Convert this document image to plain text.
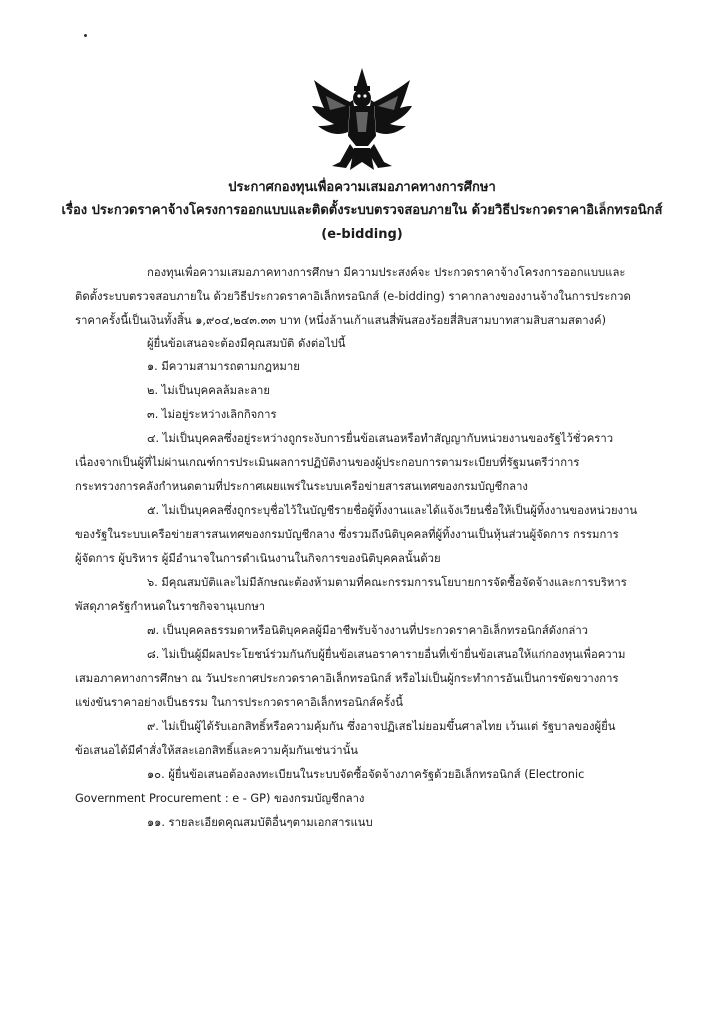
ประกาศกองทุนเพื่อความเสมอภาคทางการศึกษา
เรื่อง ประกวดราคาจ้างโครงการออกแบบและติดตั้งระบบตรวจสอบภายใน ด้วยวิธีประกวดราคาอิเล็กทรอนิกส์
(e-bidding)
กองทุนเพื่อความเสมอภาคทางการศึกษา มีความประสงค์จะ ประกวดราคาจ้างโครงการออกแบบและ
ติดตั้งระบบตรวจสอบภายใน ด้วยวิธีประกวดราคาอิเล็กทรอนิกส์ (e-bidding) ราคากลางของงานจ้างในการประกวด
ราคาครั้งนี้เป็นเงินทั้งสิ้น ๑,๙๐๔,๒๔๓.๓๓ บาท (หนึ่งล้านเก้าแสนสี่พันสองร้อยสี่สิบสามบาทสามสิบสามสตางค์)
ผู้ยื่นข้อเสนอจะต้องมีคุณสมบัติ ดังต่อไปนี้
๑. มีความสามารถตามกฎหมาย
๒. ไม่เป็นบุคคลล้มละลาย
๓. ไม่อยู่ระหว่างเลิกกิจการ
๔. ไม่เป็นบุคคลซึ่งอยู่ระหว่างถูกระงับการยื่นข้อเสนอหรือทำสัญญากับหน่วยงานของรัฐไว้ชั่วคราว
เนื่องจากเป็นผู้ที่ไม่ผ่านเกณฑ์การประเมินผลการปฏิบัติงานของผู้ประกอบการตามระเบียบที่รัฐมนตรีว่าการ
กระทรวงการคลังกำหนดตามที่ประกาศเผยแพร่ในระบบเครือข่ายสารสนเทศของกรมบัญชีกลาง
๕. ไม่เป็นบุคคลซึ่งถูกระบุชื่อไว้ในบัญชีรายชื่อผู้ทิ้งงานและได้แจ้งเวียนชื่อให้เป็นผู้ทิ้งงานของหน่วยงาน
ของรัฐในระบบเครือข่ายสารสนเทศของกรมบัญชีกลาง ซึ่งรวมถึงนิติบุคคลที่ผู้ทิ้งงานเป็นหุ้นส่วนผู้จัดการ กรรมการ
ผู้จัดการ ผู้บริหาร ผู้มีอำนาจในการดำเนินงานในกิจการของนิติบุคคลนั้นด้วย
๖. มีคุณสมบัติและไม่มีลักษณะต้องห้ามตามที่คณะกรรมการนโยบายการจัดซื้อจัดจ้างและการบริหาร
พัสดุภาครัฐกำหนดในราชกิจจานุเบกษา
๗. เป็นบุคคลธรรมดาหรือนิติบุคคลผู้มีอาชีพรับจ้างงานที่ประกวดราคาอิเล็กทรอนิกส์ดังกล่าว
๘. ไม่เป็นผู้มีผลประโยชน์ร่วมกันกับผู้ยื่นข้อเสนอราคารายอื่นที่เข้ายื่นข้อเสนอให้แก่กองทุนเพื่อความ
เสมอภาคทางการศึกษา ณ วันประกาศประกวดราคาอิเล็กทรอนิกส์ หรือไม่เป็นผู้กระทำการอันเป็นการขัดขวางการ
แข่งขันราคาอย่างเป็นธรรม ในการประกวดราคาอิเล็กทรอนิกส์ครั้งนี้
๙. ไม่เป็นผู้ได้รับเอกสิทธิ์หรือความคุ้มกัน ซึ่งอาจปฏิเสธไม่ยอมขึ้นศาลไทย เว้นแต่ รัฐบาลของผู้ยื่น
ข้อเสนอได้มีคำสั่งให้สละเอกสิทธิ์และความคุ้มกันเช่นว่านั้น
๑๐. ผู้ยื่นข้อเสนอต้องลงทะเบียนในระบบจัดซื้อจัดจ้างภาครัฐด้วยอิเล็กทรอนิกส์ (Electronic
Government Procurement : e - GP) ของกรมบัญชีกลาง
๑๑. รายละเอียดคุณสมบัติอื่นๆตามเอกสารแนบ
